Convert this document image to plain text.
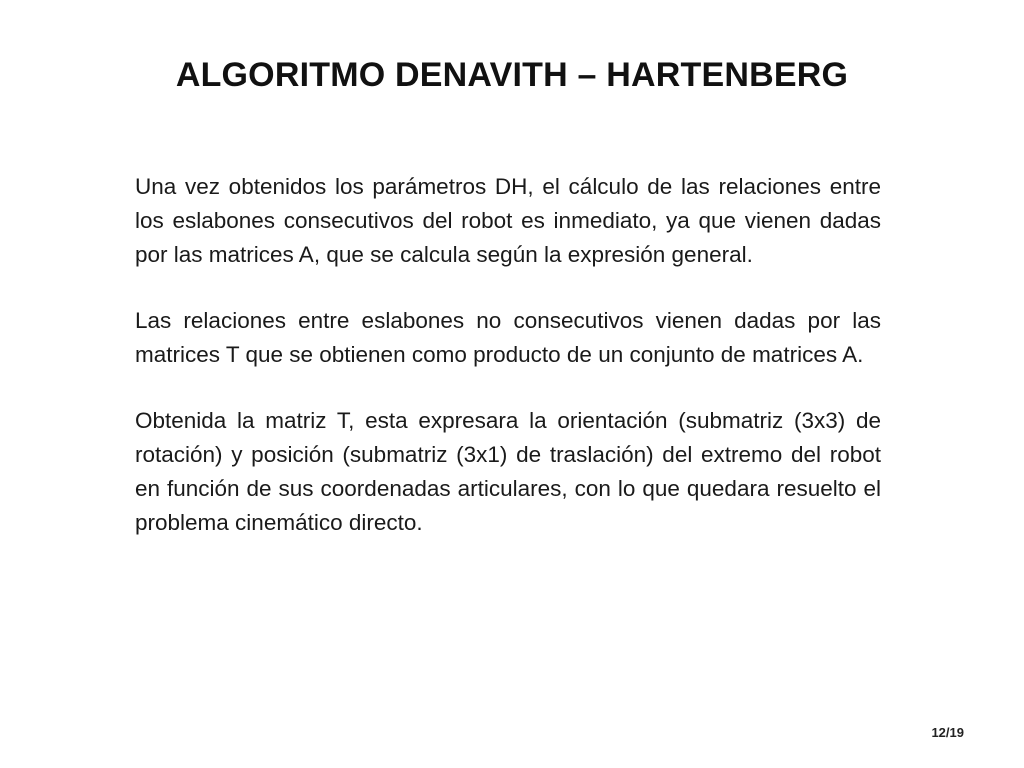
ALGORITMO DENAVITH – HARTENBERG

Una vez obtenidos los parámetros DH, el cálculo de las relaciones entre los eslabones consecutivos del robot es inmediato, ya que vienen dadas por las matrices A, que se calcula según la expresión general.

Las relaciones entre eslabones no consecutivos vienen dadas por las matrices T que se obtienen como producto de un conjunto de matrices A.

Obtenida la matriz T, esta expresara la orientación (submatriz (3x3) de rotación) y posición (submatriz (3x1) de traslación) del extremo del robot en función de sus coordenadas articulares, con lo que quedara resuelto el problema cinemático directo.

12/19
